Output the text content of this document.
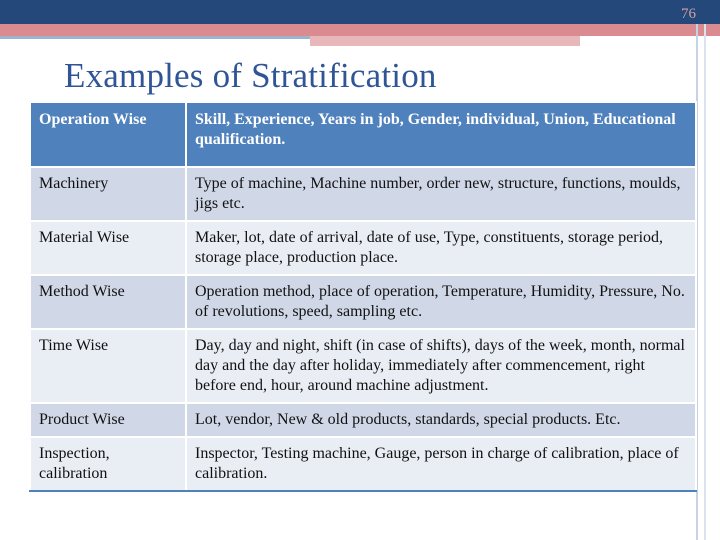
76
Examples of Stratification
Operation Wise	Skill, Experience, Years in job, Gender, individual, Union, Educational qualification.
Machinery	Type of machine, Machine number, order new, structure, functions, moulds, jigs etc.
Material Wise	Maker, lot, date of arrival, date of use, Type, constituents, storage period, storage place, production place.
Method Wise	Operation method, place of operation, Temperature, Humidity, Pressure, No. of revolutions, speed, sampling etc.
Time Wise	Day, day and night, shift (in case of shifts), days of the week, month, normal day and the day after holiday, immediately after commencement, right before end, hour, around machine adjustment.
Product Wise	Lot, vendor, New & old products, standards, special products. Etc.
Inspection, calibration	Inspector, Testing machine, Gauge, person in charge of calibration, place of calibration.
